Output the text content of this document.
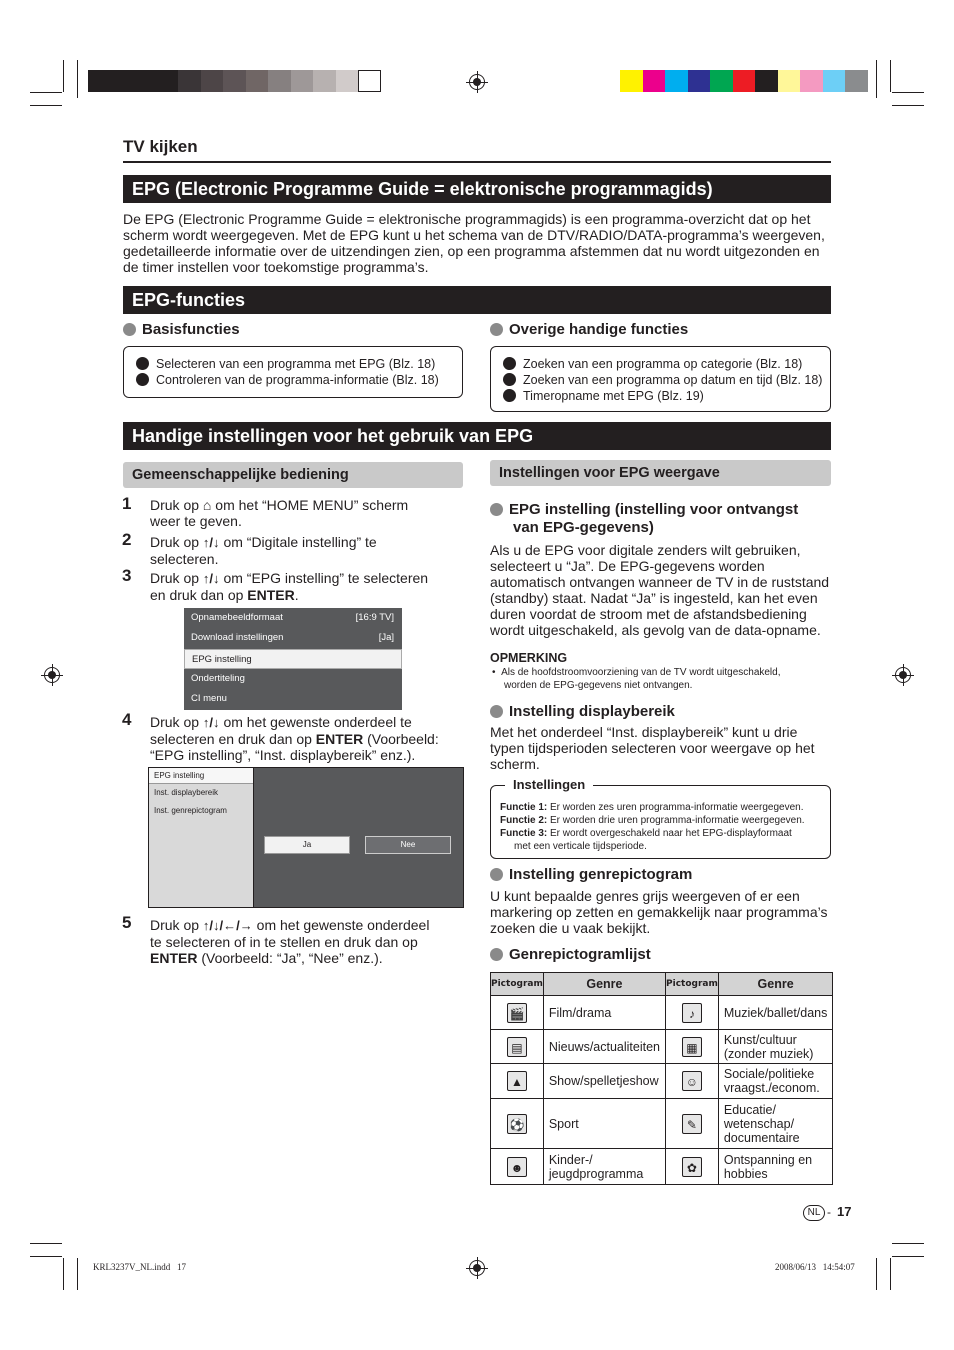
TV kijken
EPG (Electronic Programme Guide = elektronische programmagids)
De EPG (Electronic Programme Guide = elektronische programmagids) is een programma-overzicht dat op het scherm wordt weergegeven. Met de EPG kunt u het schema van de DTV/RADIO/DATA-programma’s weergeven, gedetailleerde informatie over de uitzendingen zien, op een programma afstemmen dat nu wordt uitgezonden en de timer instellen voor toekomstige programma’s.
EPG-functies
Basisfuncties
Selecteren van een programma met EPG (Blz. 18)
Controleren van de programma-informatie (Blz. 18)
Overige handige functies
Zoeken van een programma op categorie (Blz. 18)
Zoeken van een programma op datum en tijd (Blz. 18)
Timeropname met EPG (Blz. 19)
Handige instellingen voor het gebruik van EPG
Gemeenschappelijke bediening
1 Druk op ⌂ om het “HOME MENU” scherm
weer te geven.
2 Druk op ↑/↓ om “Digitale instelling” te
selecteren.
3 Druk op ↑/↓ om “EPG instelling” te selecteren
en druk dan op ENTER.
Opnamebeeldformaat	[16:9 TV]
Download instellingen	[Ja]
EPG instelling
Ondertiteling
CI menu
4 Druk op ↑/↓ om het gewenste onderdeel te
selecteren en druk dan op ENTER (Voorbeeld:
“EPG instelling”, “Inst. displaybereik” enz.).
EPG instelling
Inst. displaybereik
Inst. genrepictogram
Ja	Nee
5 Druk op ↑/↓/←/→ om het gewenste onderdeel
te selecteren of in te stellen en druk dan op
ENTER (Voorbeeld: “Ja”, “Nee” enz.).
Instellingen voor EPG weergave
EPG instelling (instelling voor ontvangst
van EPG-gegevens)
Als u de EPG voor digitale zenders wilt gebruiken, selecteert u “Ja”. De EPG-gegevens worden automatisch ontvangen wanneer de TV in de ruststand (standby) staat. Nadat “Ja” is ingesteld, kan het even duren voordat de stroom met de afstandsbediening wordt uitgeschakeld, als gevolg van de data-opname.
OPMERKING
• Als de hoofdstroomvoorziening van de TV wordt uitgeschakeld,
worden de EPG-gegevens niet ontvangen.
Instelling displaybereik
Met het onderdeel “Inst. displaybereik” kunt u drie typen tijdsperioden selecteren voor weergave op het scherm.
Instellingen
Functie 1: Er worden zes uren programma-informatie weergegeven.
Functie 2: Er worden drie uren programma-informatie weergegeven.
Functie 3: Er wordt overgeschakeld naar het EPG-displayformaat
met een verticale tijdsperiode.
Instelling genrepictogram
U kunt bepaalde genres grijs weergeven of er een markering op zetten en gemakkelijk naar programma’s zoeken die u vaak bekijkt.
Genrepictogramlijst
Pictogram	Genre	Pictogram	Genre
🎬	Film/drama	♪	Muziek/ballet/dans
▤	Nieuws/actualiteiten	▦	Kunst/cultuur
(zonder muziek)
▲	Show/spelletjeshow	☺	Sociale/politieke
vraagst./econom.
⚽	Sport	✎	Educatie/
wetenschap/
documentaire
☻	Kinder-/
jeugdprogramma	✿	Ontspanning en
hobbies
NL - 17
KRL3237V_NL.indd   17	2008/06/13   14:54:07
